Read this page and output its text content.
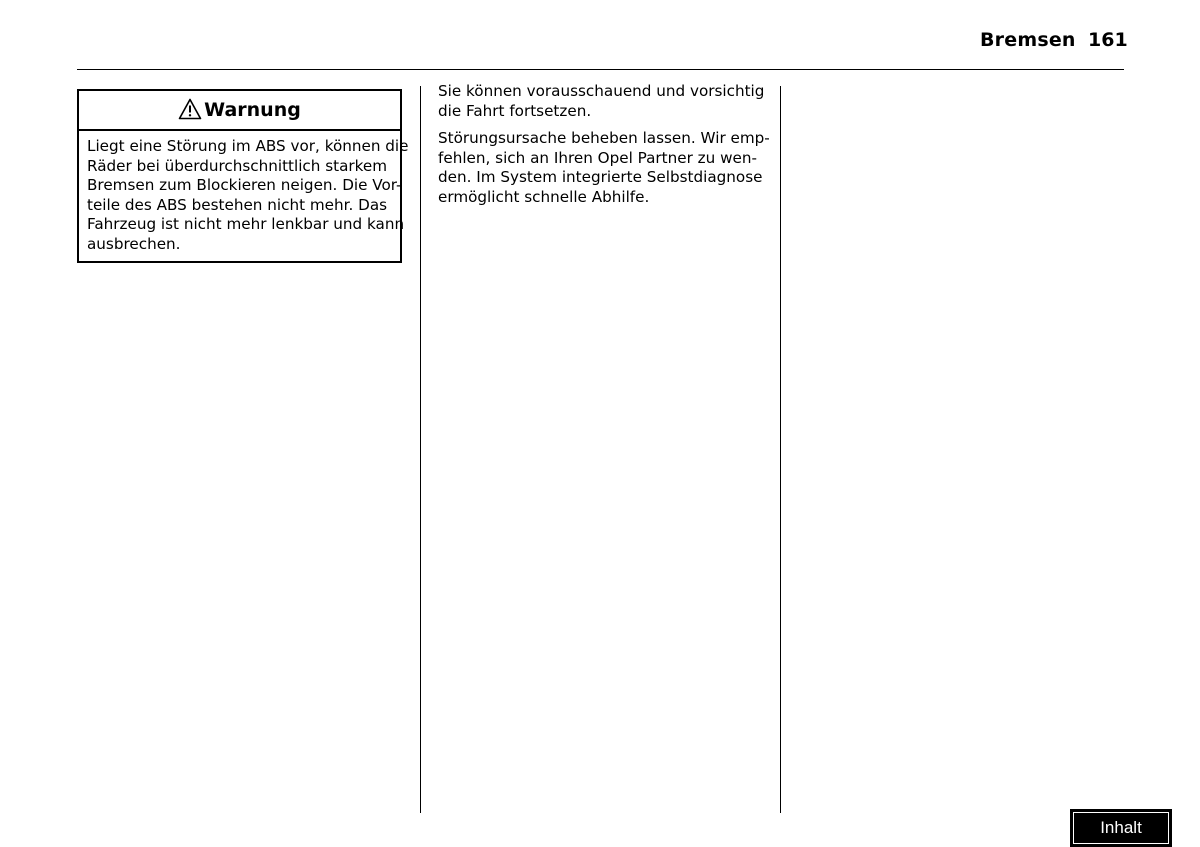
Bremsen 161
Warnung
Liegt eine Störung im ABS vor, können die
Räder bei überdurchschnittlich starkem
Bremsen zum Blockieren neigen. Die Vor-
teile des ABS bestehen nicht mehr. Das
Fahrzeug ist nicht mehr lenkbar und kann
ausbrechen.
Sie können vorausschauend und vorsichtig
die Fahrt fortsetzen.
Störungsursache beheben lassen. Wir emp-
fehlen, sich an Ihren Opel Partner zu wen-
den. Im System integrierte Selbstdiagnose
ermöglicht schnelle Abhilfe.
Inhalt
